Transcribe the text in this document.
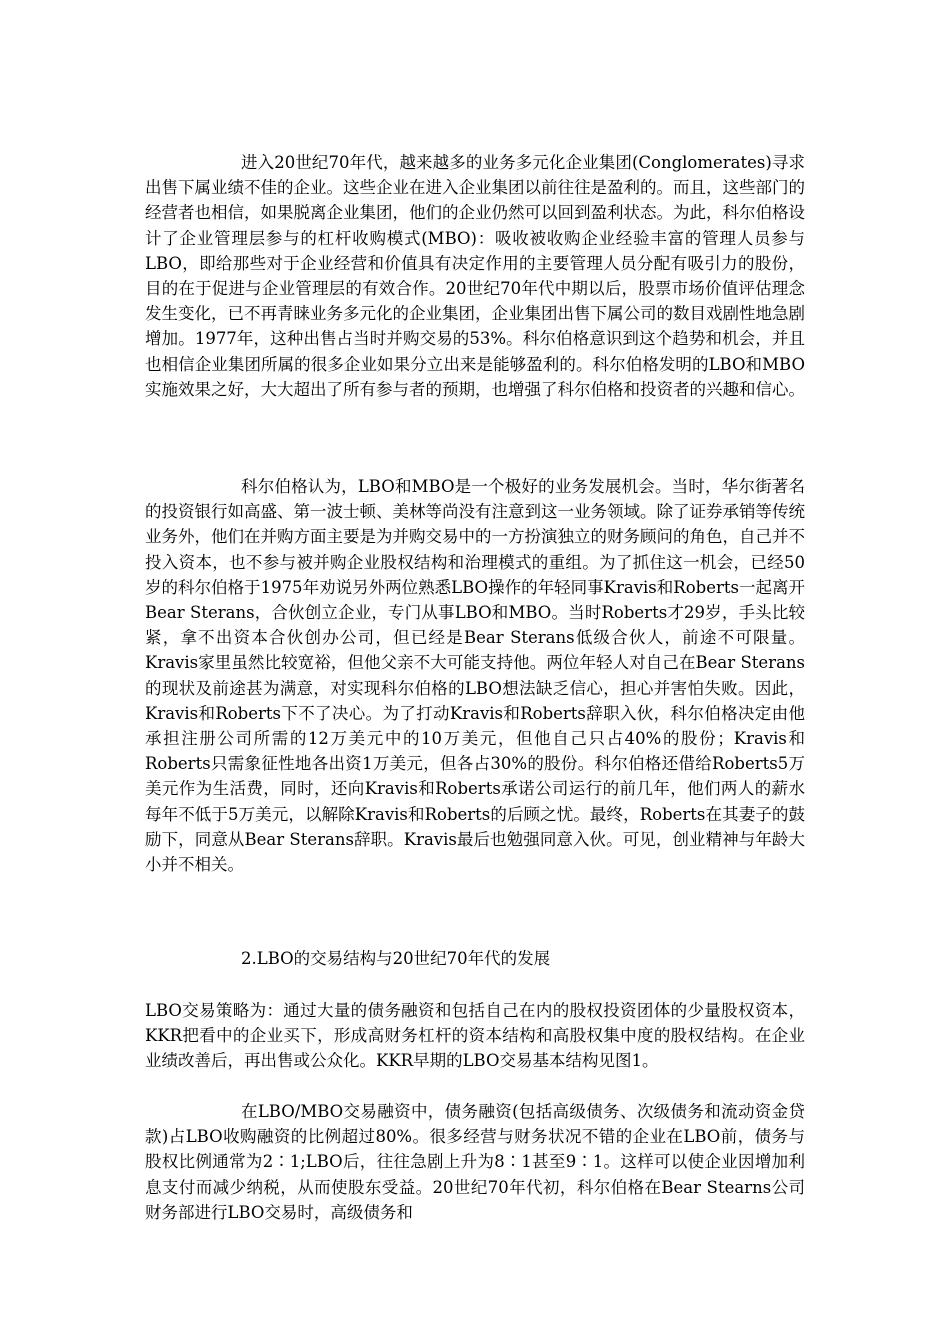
进入20世纪70年代，越来越多的业务多元化企业集团(Conglomerates)寻求出售下属业绩不佳的企业。这些企业在进入企业集团以前往往是盈利的。而且，这些部门的经营者也相信，如果脱离企业集团，他们的企业仍然可以回到盈利状态。为此，科尔伯格设计了企业管理层参与的杠杆收购模式(MBO)：吸收被收购企业经验丰富的管理人员参与LBO，即给那些对于企业经营和价值具有决定作用的主要管理人员分配有吸引力的股份，目的在于促进与企业管理层的有效合作。20世纪70年代中期以后，股票市场价值评估理念发生变化，已不再青睐业务多元化的企业集团，企业集团出售下属公司的数目戏剧性地急剧增加。1977年，这种出售占当时并购交易的53%。科尔伯格意识到这个趋势和机会，并且也相信企业集团所属的很多企业如果分立出来是能够盈利的。科尔伯格发明的LBO和MBO实施效果之好，大大超出了所有参与者的预期，也增强了科尔伯格和投资者的兴趣和信心。

科尔伯格认为，LBO和MBO是一个极好的业务发展机会。当时，华尔街著名的投资银行如高盛、第一波士顿、美林等尚没有注意到这一业务领域。除了证券承销等传统业务外，他们在并购方面主要是为并购交易中的一方扮演独立的财务顾问的角色，自己并不投入资本，也不参与被并购企业股权结构和治理模式的重组。为了抓住这一机会，已经50岁的科尔伯格于1975年劝说另外两位熟悉LBO操作的年轻同事Kravis和Roberts一起离开Bear Sterans，合伙创立企业，专门从事LBO和MBO。当时Roberts才29岁，手头比较紧，拿不出资本合伙创办公司，但已经是Bear Sterans低级合伙人，前途不可限量。Kravis家里虽然比较宽裕，但他父亲不大可能支持他。两位年轻人对自己在Bear Sterans的现状及前途甚为满意，对实现科尔伯格的LBO想法缺乏信心，担心并害怕失败。因此，Kravis和Roberts下不了决心。为了打动Kravis和Roberts辞职入伙，科尔伯格决定由他承担注册公司所需的12万美元中的10万美元，但他自己只占40%的股份；Kravis和Roberts只需象征性地各出资1万美元，但各占30%的股份。科尔伯格还借给Roberts5万美元作为生活费，同时，还向Kravis和Roberts承诺公司运行的前几年，他们两人的薪水每年不低于5万美元，以解除Kravis和Roberts的后顾之忧。最终，Roberts在其妻子的鼓励下，同意从Bear Sterans辞职。Kravis最后也勉强同意入伙。可见，创业精神与年龄大小并不相关。

2.LBO的交易结构与20世纪70年代的发展

LBO交易策略为：通过大量的债务融资和包括自己在内的股权投资团体的少量股权资本，KKR把看中的企业买下，形成高财务杠杆的资本结构和高股权集中度的股权结构。在企业业绩改善后，再出售或公众化。KKR早期的LBO交易基本结构见图1。

在LBO/MBO交易融资中，债务融资(包括高级债务、次级债务和流动资金贷款)占LBO收购融资的比例超过80%。很多经营与财务状况不错的企业在LBO前，债务与股权比例通常为2∶1;LBO后，往往急剧上升为8∶1甚至9∶1。这样可以使企业因增加利息支付而减少纳税，从而使股东受益。20世纪70年代初，科尔伯格在Bear Stearns公司财务部进行LBO交易时，高级债务和
